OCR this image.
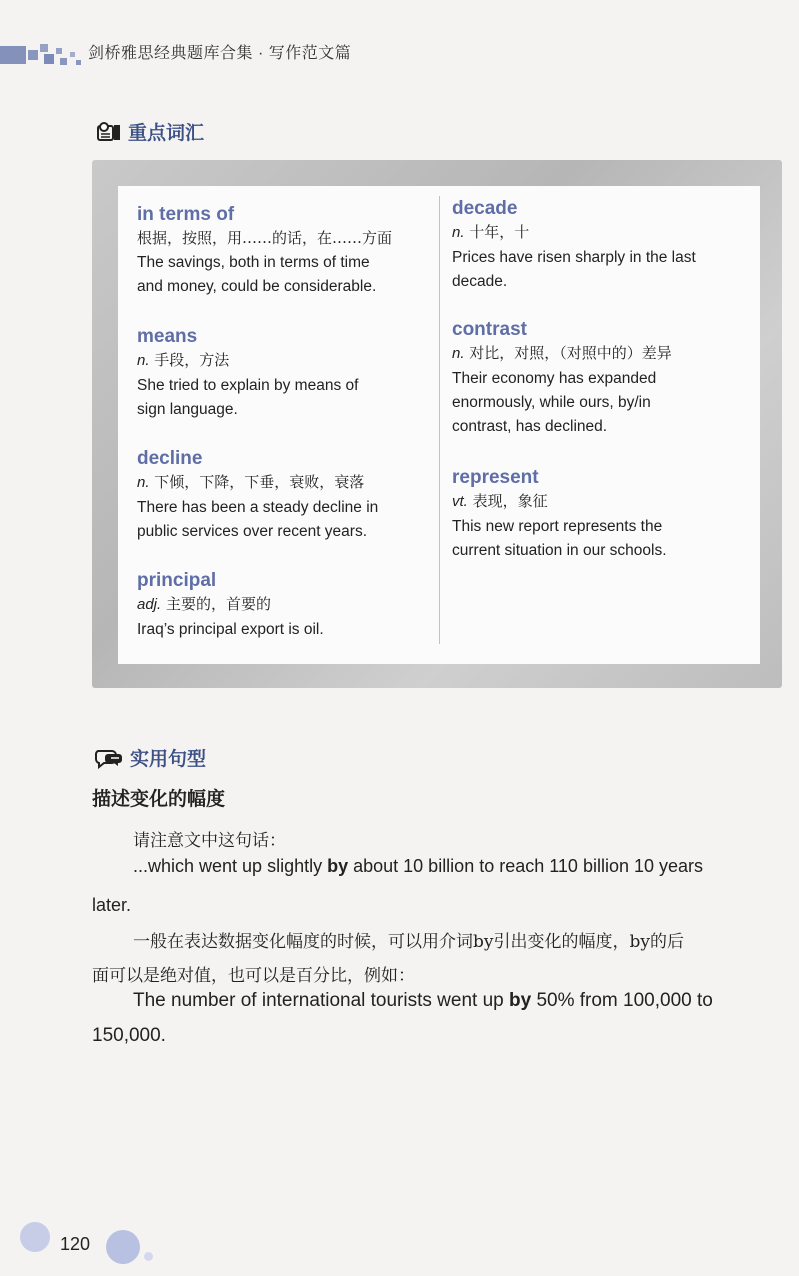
剑桥雅思经典题库合集 · 写作范文篇
重点词汇
in terms of
根据，按照，用……的话，在……方面
The savings, both in terms of time
and money, could be considerable.
means
n. 手段，方法
She tried to explain by means of
sign language.
decline
n. 下倾，下降，下垂，衰败，衰落
There has been a steady decline in
public services over recent years.
principal
adj. 主要的，首要的
Iraq’s principal export is oil.
decade
n. 十年，十
Prices have risen sharply in the last
decade.
contrast
n. 对比，对照，（对照中的）差异
Their economy has expanded
enormously, while ours, by/in
contrast, has declined.
represent
vt. 表现，象征
This new report represents the
current situation in our schools.
实用句型
描述变化的幅度
请注意文中这句话：
...which went up slightly by about 10 billion to reach 110 billion 10 years
later.
一般在表达数据变化幅度的时候，可以用介词by引出变化的幅度，by的后
面可以是绝对值，也可以是百分比，例如：
The number of international tourists went up by 50% from 100,000 to
150,000.
120
